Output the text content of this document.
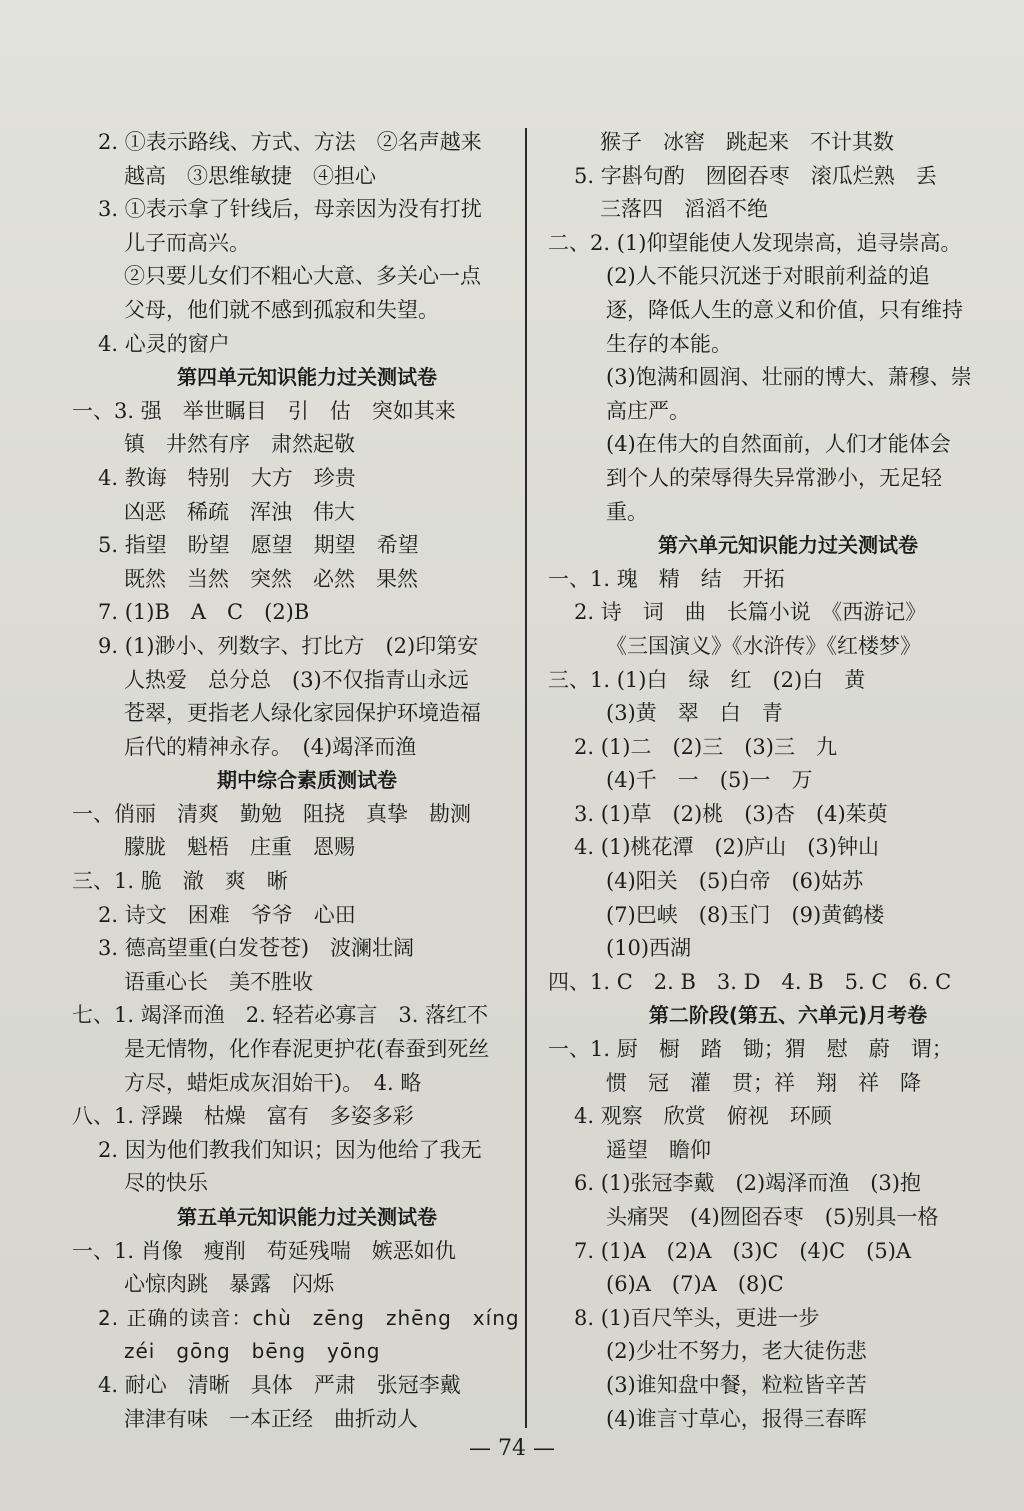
2. ①表示路线、方式、方法　②名声越来
越高　③思维敏捷　④担心
3. ①表示拿了针线后，母亲因为没有打扰
儿子而高兴。
②只要儿女们不粗心大意、多关心一点
父母，他们就不感到孤寂和失望。
4. 心灵的窗户
第四单元知识能力过关测试卷
一、3. 强　举世瞩目　引　估　突如其来
镇　井然有序　肃然起敬
4. 教诲　特别　大方　珍贵
凶恶　稀疏　浑浊　伟大
5. 指望　盼望　愿望　期望　希望
既然　当然　突然　必然　果然
7. (1)B　A　C　(2)B
9. (1)渺小、列数字、打比方　(2)印第安
人热爱　总分总　(3)不仅指青山永远
苍翠，更指老人绿化家园保护环境造福
后代的精神永存。　(4)竭泽而渔
期中综合素质测试卷
一、俏丽　清爽　勤勉　阻挠　真挚　勘测
朦胧　魁梧　庄重　恩赐
三、1. 脆　澈　爽　晰
2. 诗文　困难　爷爷　心田
3. 德高望重(白发苍苍)　波澜壮阔
语重心长　美不胜收
七、1. 竭泽而渔　2. 轻若必寡言　3. 落红不
是无情物，化作春泥更护花(春蚕到死丝
方尽，蜡炬成灰泪始干)。　4. 略
八、1. 浮躁　枯燥　富有　多姿多彩
2. 因为他们教我们知识；因为他给了我无
尽的快乐
第五单元知识能力过关测试卷
一、1. 肖像　瘦削　苟延残喘　嫉恶如仇
心惊肉跳　暴露　闪烁
2. 正确的读音：chù　zēng　zhēng　xíng
zéi　gōng　bēng　yōng
4. 耐心　清晰　具体　严肃　张冠李戴
津津有味　一本正经　曲折动人
猴子　冰窖　跳起来　不计其数
5. 字斟句酌　囫囵吞枣　滚瓜烂熟　丢
三落四　滔滔不绝
二、2. (1)仰望能使人发现崇高，追寻崇高。
(2)人不能只沉迷于对眼前利益的追
逐，降低人生的意义和价值，只有维持
生存的本能。
(3)饱满和圆润、壮丽的博大、萧穆、崇
高庄严。
(4)在伟大的自然面前，人们才能体会
到个人的荣辱得失异常渺小，无足轻
重。
第六单元知识能力过关测试卷
一、1. 瑰　精　结　开拓
2. 诗　词　曲　长篇小说　《西游记》
《三国演义》《水浒传》《红楼梦》
三、1. (1)白　绿　红　(2)白　黄
(3)黄　翠　白　青
2. (1)二　(2)三　(3)三　九
(4)千　一　(5)一　万
3. (1)草　(2)桃　(3)杏　(4)茱萸
4. (1)桃花潭　(2)庐山　(3)钟山
(4)阳关　(5)白帝　(6)姑苏
(7)巴峡　(8)玉门　(9)黄鹤楼
(10)西湖
四、1. C　2. B　3. D　4. B　5. C　6. C
第二阶段(第五、六单元)月考卷
一、1. 厨　橱　踏　锄；猬　慰　蔚　谓；
惯　冠　灌　贯；祥　翔　祥　降
4. 观察　欣赏　俯视　环顾
遥望　瞻仰
6. (1)张冠李戴　(2)竭泽而渔　(3)抱
头痛哭　(4)囫囵吞枣　(5)别具一格
7. (1)A　(2)A　(3)C　(4)C　(5)A
(6)A　(7)A　(8)C
8. (1)百尺竿头，更进一步
(2)少壮不努力，老大徒伤悲
(3)谁知盘中餐，粒粒皆辛苦
(4)谁言寸草心，报得三春晖
— 74 —
